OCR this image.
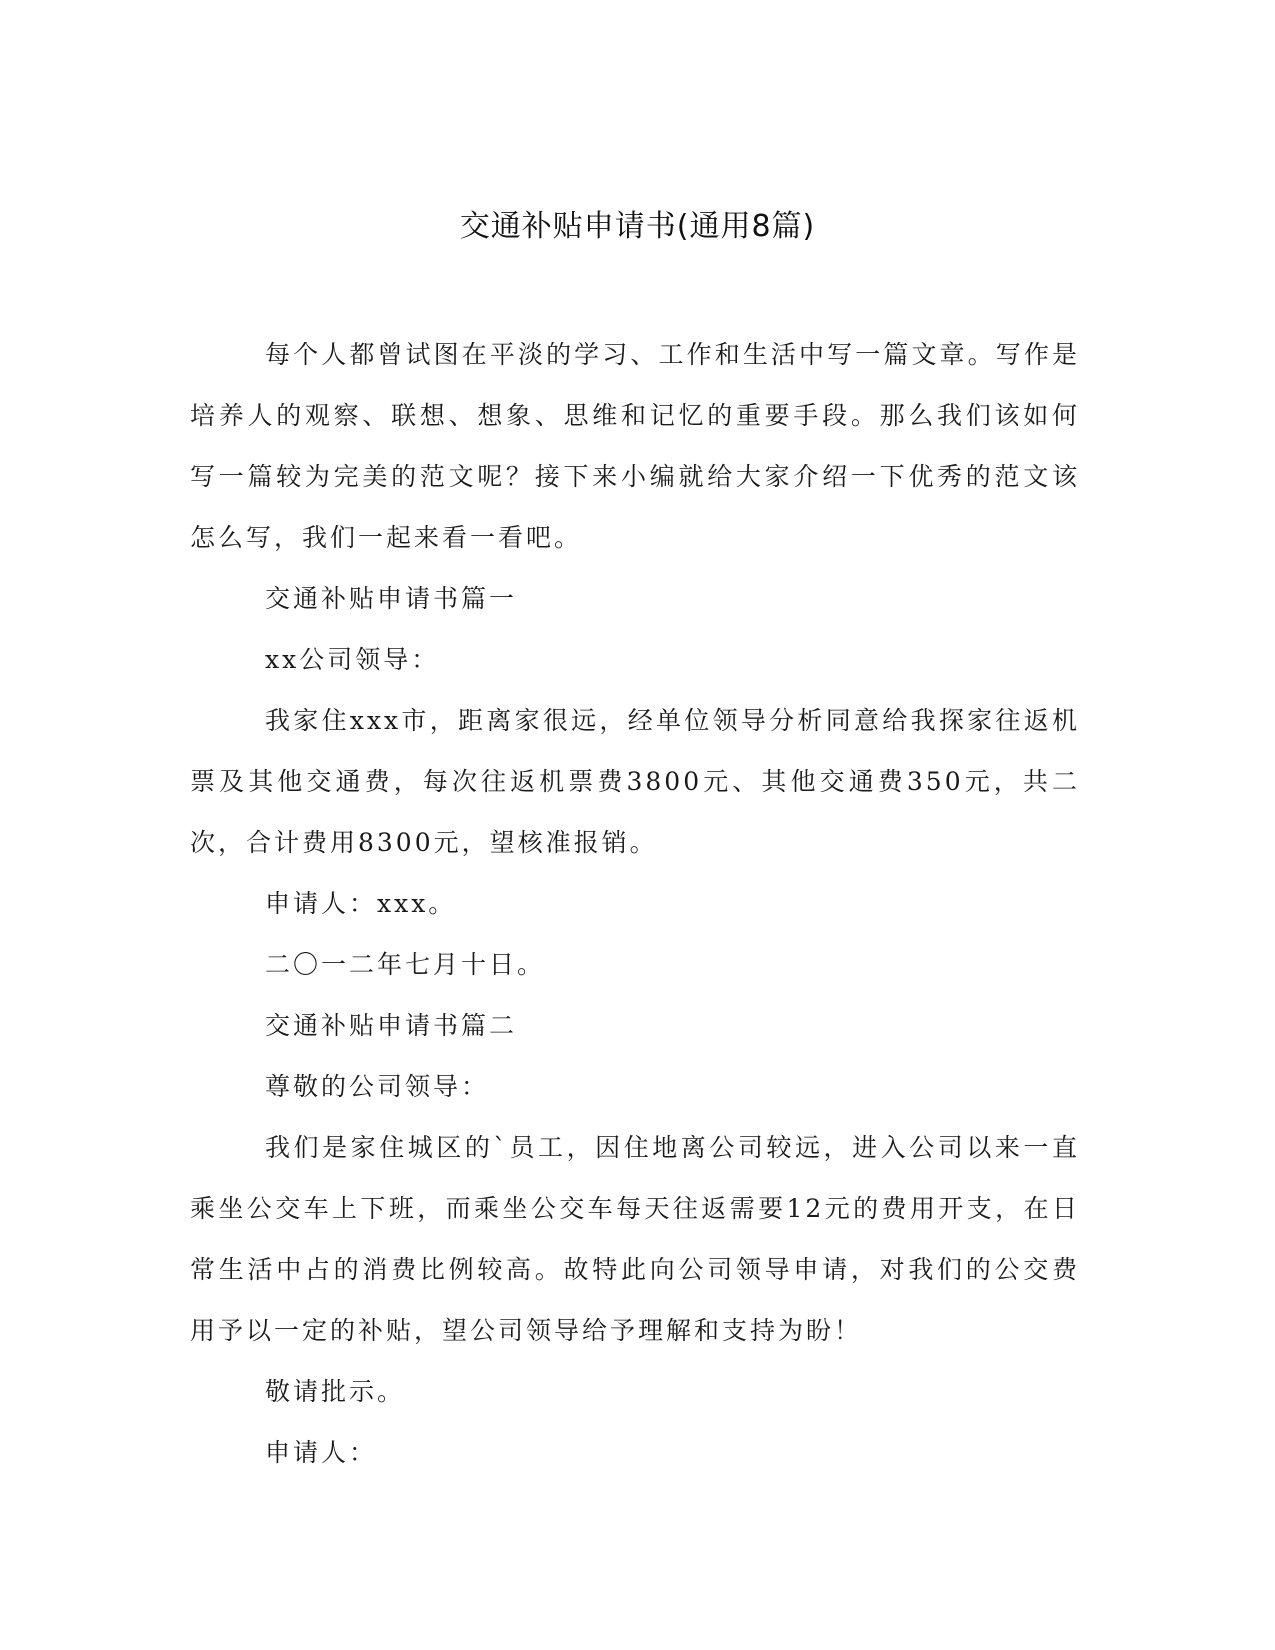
交通补贴申请书(通用8篇)

每个人都曾试图在平淡的学习、工作和生活中写一篇文章。写作是培养人的观察、联想、想象、思维和记忆的重要手段。那么我们该如何写一篇较为完美的范文呢？接下来小编就给大家介绍一下优秀的范文该怎么写，我们一起来看一看吧。

交通补贴申请书篇一

xx公司领导：

我家住xxx市，距离家很远，经单位领导分析同意给我探家往返机票及其他交通费，每次往返机票费3800元、其他交通费350元，共二次，合计费用8300元，望核准报销。

申请人：xxx。

二〇一二年七月十日。

交通补贴申请书篇二

尊敬的公司领导：

我们是家住城区的`员工，因住地离公司较远，进入公司以来一直乘坐公交车上下班，而乘坐公交车每天往返需要12元的费用开支，在日常生活中占的消费比例较高。故特此向公司领导申请，对我们的公交费用予以一定的补贴，望公司领导给予理解和支持为盼！

敬请批示。

申请人：
